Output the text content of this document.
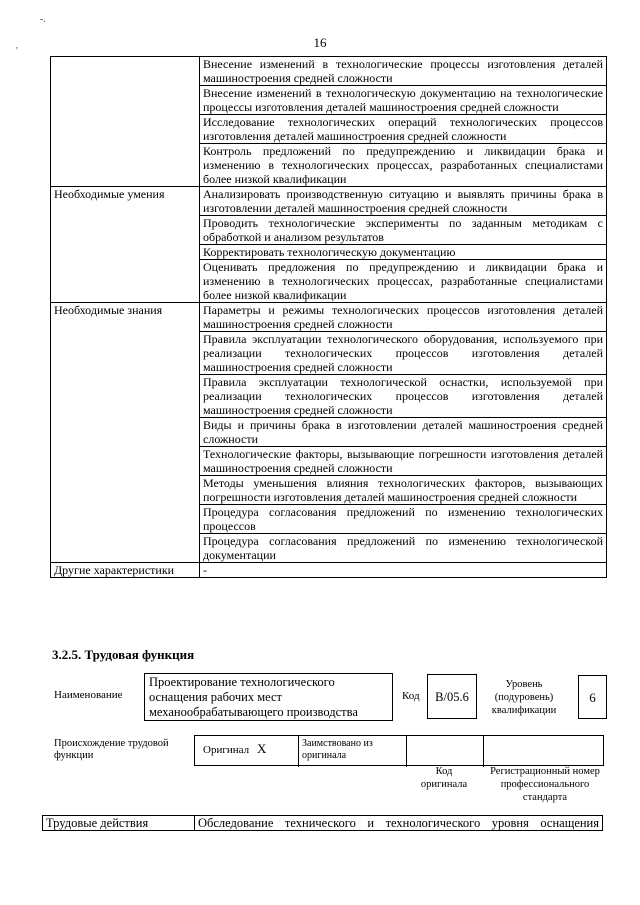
16
-.
'
	Внесение изменений в технологические процессы изготовления деталей машиностроения средней сложности
	Внесение изменений в технологическую документацию на технологические процессы изготовления деталей машиностроения средней сложности
	Исследование технологических операций технологических процессов изготовления деталей машиностроения средней сложности
	Контроль предложений по предупреждению и ликвидации брака и изменению в технологических процессах, разработанных специалистами более низкой квалификации
Необходимые умения	Анализировать производственную ситуацию и выявлять причины брака в изготовлении деталей машиностроения средней сложности
	Проводить технологические эксперименты по заданным методикам с обработкой и анализом результатов
	Корректировать технологическую документацию
	Оценивать предложения по предупреждению и ликвидации брака и изменению в технологических процессах, разработанные специалистами более низкой квалификации
Необходимые знания	Параметры и режимы технологических процессов изготовления деталей машиностроения средней сложности
	Правила эксплуатации технологического оборудования, используемого при реализации технологических процессов изготовления деталей машиностроения средней сложности
	Правила эксплуатации технологической оснастки, используемой при реализации технологических процессов изготовления деталей машиностроения средней сложности
	Виды и причины брака в изготовлении деталей машиностроения средней сложности
	Технологические факторы, вызывающие погрешности изготовления деталей машиностроения средней сложности
	Методы уменьшения влияния технологических факторов, вызывающих погрешности изготовления деталей машиностроения средней сложности
	Процедура согласования предложений по изменению технологических процессов
	Процедура согласования предложений по изменению технологической документации
Другие характеристики	-
3.2.5. Трудовая функция
Наименование
Проектирование технологического оснащения рабочих мест механообрабатывающего производства
Код	B/05.6
Уровень (подуровень) квалификации
6
Происхождение трудовой функции	Оригинал X	Заимствовано из оригинала
Код оригинала
Регистрационный номер профессионального стандарта
Трудовые действия	Обследование технического и технологического уровня оснащения
